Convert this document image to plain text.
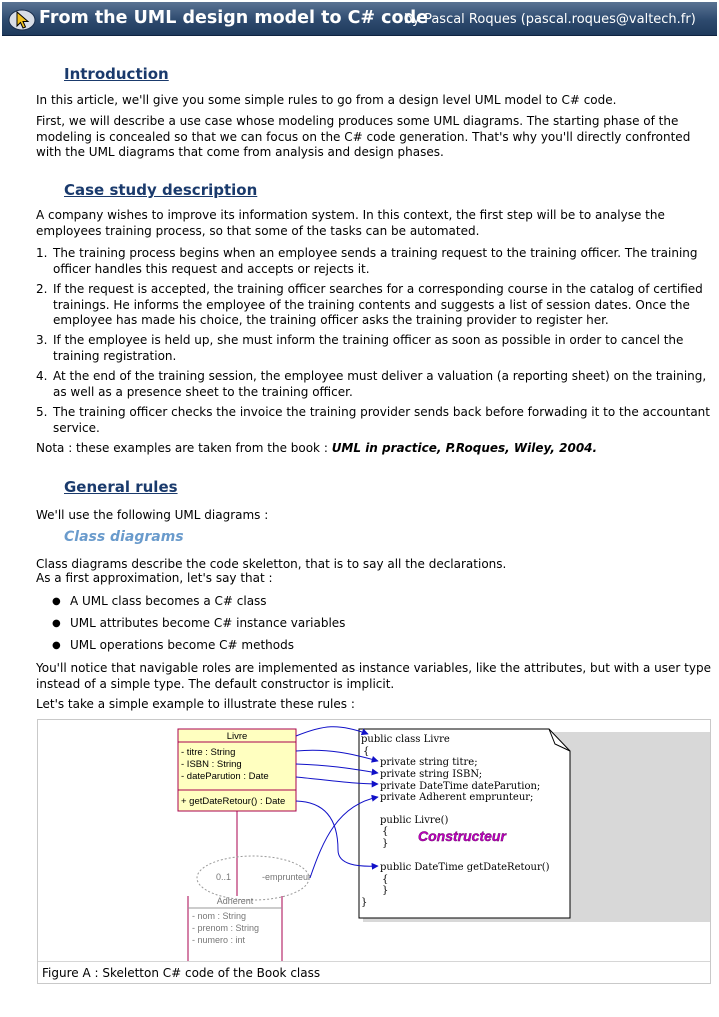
From the UML design model to C# code
by Pascal Roques (pascal.roques@valtech.fr)
Introduction

In this article, we'll give you some simple rules to go from a design level UML model to C# code.

First, we will describe a use case whose modeling produces some UML diagrams. The starting phase of the modeling is concealed so that we can focus on the C# code generation. That's why you'll directly confronted with the UML diagrams that come from analysis and design phases.

Case study description

A company wishes to improve its information system. In this context, the first step will be to analyse the employees training process, so that some of the tasks can be automated.

1. The training process begins when an employee sends a training request to the training officer. The training officer handles this request and accepts or rejects it.
2. If the request is accepted, the training officer searches for a corresponding course in the catalog of certified trainings. He informs the employee of the training contents and suggests a list of session dates. Once the employee has made his choice, the training officer asks the training provider to register her.
3. If the employee is held up, she must inform the training officer as soon as possible in order to cancel the training registration.
4. At the end of the training session, the employee must deliver a valuation (a reporting sheet) on the training, as well as a presence sheet to the training officer.
5. The training officer checks the invoice the training provider sends back before forwading it to the accountant service.

Nota : these examples are taken from the book : UML in practice, P.Roques, Wiley, 2004.

General rules

We'll use the following UML diagrams :

Class diagrams

Class diagrams describe the code skeletton, that is to say all the declarations.

As a first approximation, let's say that :

● A UML class becomes a C# class
● UML attributes become C# instance variables
● UML operations become C# methods

You'll notice that navigable roles are implemented as instance variables, like the attributes, but with a user type instead of a simple type. The default constructor is implicit.

Let's take a simple example to illustrate these rules :

Livre
- titre : String
- ISBN : String
- dateParution : Date
+ getDateRetour() : Date
0..1	-emprunteur
Adherent
- nom : String
- prenom : String
- numero : int
public class Livre
{
private string titre;
private string ISBN;
private DateTime dateParution;
private Adherent emprunteur;
public Livre()
{
}
public DateTime getDateRetour()
{
}
}
Constructeur
Figure A : Skeletton C# code of the Book class
